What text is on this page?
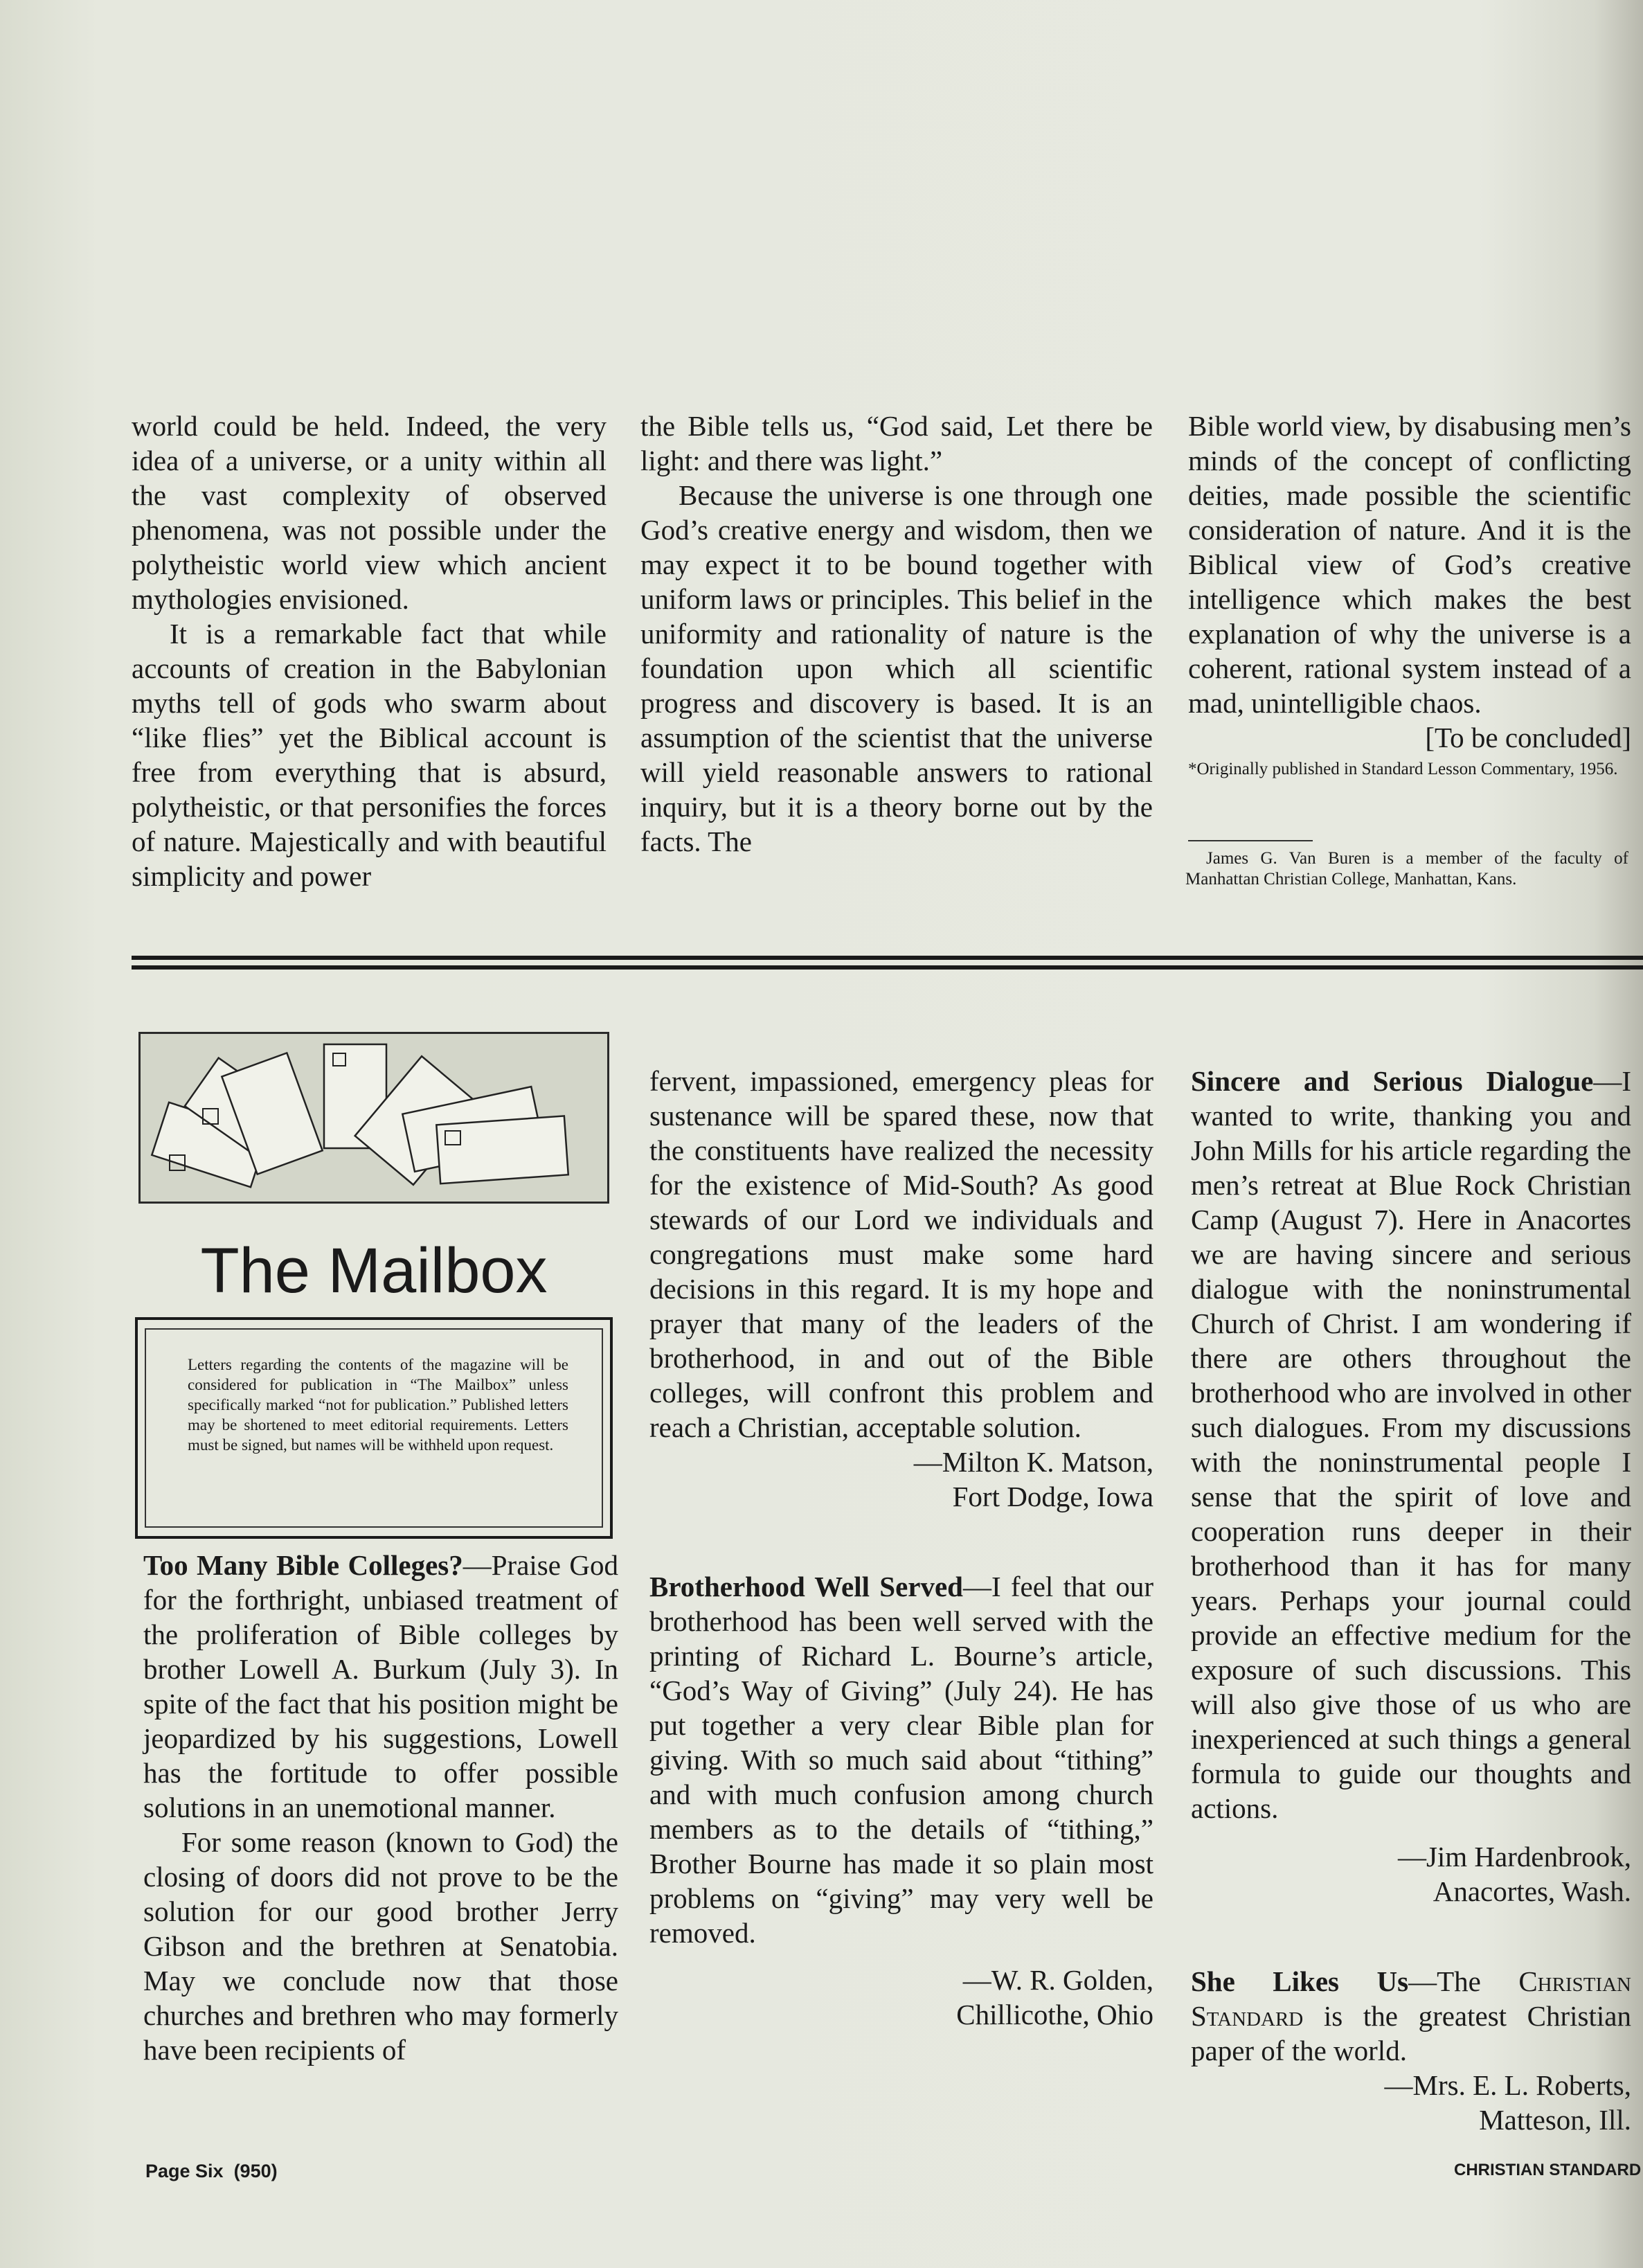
world could be held. Indeed, the very idea of a universe, or a unity within all the vast complexity of observed phenomena, was not possible under the polytheistic world view which ancient mythologies envisioned.

It is a remarkable fact that while accounts of creation in the Babylonian myths tell of gods who swarm about “like flies” yet the Biblical account is free from everything that is absurd, polytheistic, or that personifies the forces of nature. Majestically and with beautiful simplicity and power

the Bible tells us, “God said, Let there be light: and there was light.”

Because the universe is one through one God’s creative energy and wisdom, then we may expect it to be bound together with uniform laws or principles. This belief in the uniformity and rationality of nature is the foundation upon which all scientific progress and discovery is based. It is an assumption of the scientist that the universe will yield reasonable answers to rational inquiry, but it is a theory borne out by the facts. The

Bible world view, by disabusing men’s minds of the concept of conflicting deities, made possible the scientific consideration of nature. And it is the Biblical view of God’s creative intelligence which makes the best explanation of why the universe is a coherent, rational system instead of a mad, unintelligible chaos.

[To be concluded]

*Originally published in Standard Lesson Commentary, 1956.

James G. Van Buren is a member of the faculty of Manhattan Christian College, Manhattan, Kans.
The Mailbox
Letters regarding the contents of the magazine will be considered for publication in “The Mailbox” unless specifically marked “not for publication.” Published letters may be shortened to meet editorial requirements. Letters must be signed, but names will be withheld upon request.

Too Many Bible Colleges?—Praise God for the forthright, unbiased treatment of the proliferation of Bible colleges by brother Lowell A. Burkum (July 3). In spite of the fact that his position might be jeopardized by his suggestions, Lowell has the fortitude to offer possible solutions in an unemotional manner.

For some reason (known to God) the closing of doors did not prove to be the solution for our good brother Jerry Gibson and the brethren at Senatobia. May we conclude now that those churches and brethren who may formerly have been recipients of

fervent, impassioned, emergency pleas for sustenance will be spared these, now that the constituents have realized the necessity for the existence of Mid-South? As good stewards of our Lord we individuals and congregations must make some hard decisions in this regard. It is my hope and prayer that many of the leaders of the brotherhood, in and out of the Bible colleges, will confront this problem and reach a Christian, acceptable solution.

—Milton K. Matson,

Fort Dodge, Iowa

Brotherhood Well Served—I feel that our brotherhood has been well served with the printing of Richard L. Bourne’s article, “God’s Way of Giving” (July 24). He has put together a very clear Bible plan for giving. With so much said about “tithing” and with much confusion among church members as to the details of “tithing,” Brother Bourne has made it so plain most problems on “giving” may very well be removed.

—W. R. Golden,

Chillicothe, Ohio

Sincere and Serious Dialogue—I wanted to write, thanking you and John Mills for his article regarding the men’s retreat at Blue Rock Christian Camp (August 7). Here in Anacortes we are having sincere and serious dialogue with the noninstrumental Church of Christ. I am wondering if there are others throughout the brotherhood who are involved in other such dialogues. From my discussions with the noninstrumental people I sense that the spirit of love and cooperation runs deeper in their brotherhood than it has for many years. Perhaps your journal could provide an effective medium for the exposure of such discussions. This will also give those of us who are inexperienced at such things a general formula to guide our thoughts and actions.

—Jim Hardenbrook,

Anacortes, Wash.

She Likes Us—The Christian Standard is the greatest Christian paper of the world.

—Mrs. E. L. Roberts,

Matteson, Ill.

Page Six  (950)	CHRISTIAN STANDARD
